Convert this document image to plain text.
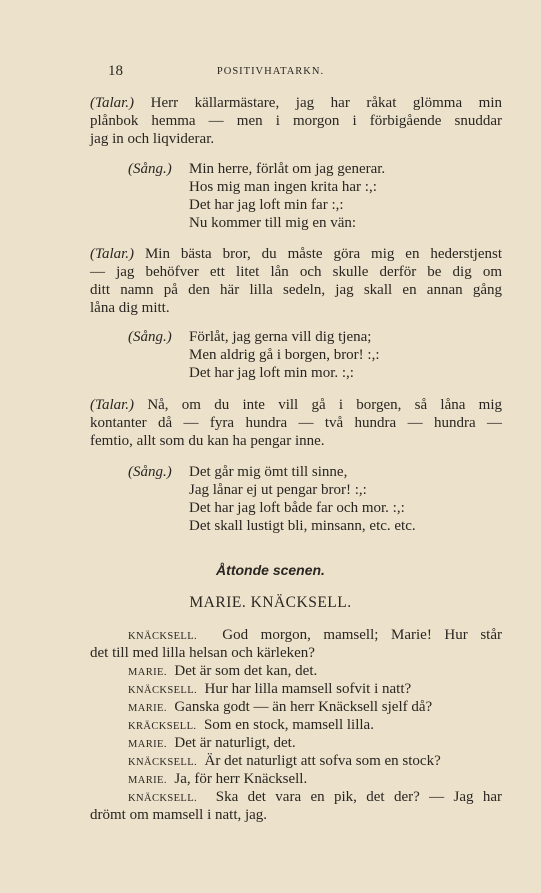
18	POSITIVHATARKN.
(Talar.) Herr källarmästare, jag har råkat glömma min
plånbok hemma — men i morgon i förbigående snuddar
jag in och liqviderar.
(Sång.) Min herre, förlåt om jag generar.
Hos mig man ingen krita har :,:
Det har jag loft min far :,:
Nu kommer till mig en vän:
(Talar.) Min bästa bror, du måste göra mig en hederstjenst
— jag behöfver ett litet lån och skulle derför be dig om
ditt namn på den här lilla sedeln, jag skall en annan gång
låna dig mitt.
(Sång.) Förlåt, jag gerna vill dig tjena;
Men aldrig gå i borgen, bror! :,:
Det har jag loft min mor. :,:
(Talar.) Nå, om du inte vill gå i borgen, så låna mig
kontanter då — fyra hundra — två hundra — hundra —
femtio, allt som du kan ha pengar inne.
(Sång.) Det går mig ömt till sinne,
Jag lånar ej ut pengar bror! :,:
Det har jag loft både far och mor. :,:
Det skall lustigt bli, minsann, etc. etc.
Åttonde scenen.
MARIE. KNÄCKSELL.
KNÄCKSELL. God morgon, mamsell; Marie! Hur står
det till med lilla helsan och kärleken?
MARIE. Det är som det kan, det.
KNÄCKSELL. Hur har lilla mamsell sofvit i natt?
MARIE. Ganska godt — än herr Knäcksell sjelf då?
KRÄCKSELL. Som en stock, mamsell lilla.
MARIE. Det är naturligt, det.
KNÄCKSELL. Är det naturligt att sofva som en stock?
MARIE. Ja, för herr Knäcksell.
KNÄCKSELL. Ska det vara en pik, det der? — Jag har
drömt om mamsell i natt, jag.
